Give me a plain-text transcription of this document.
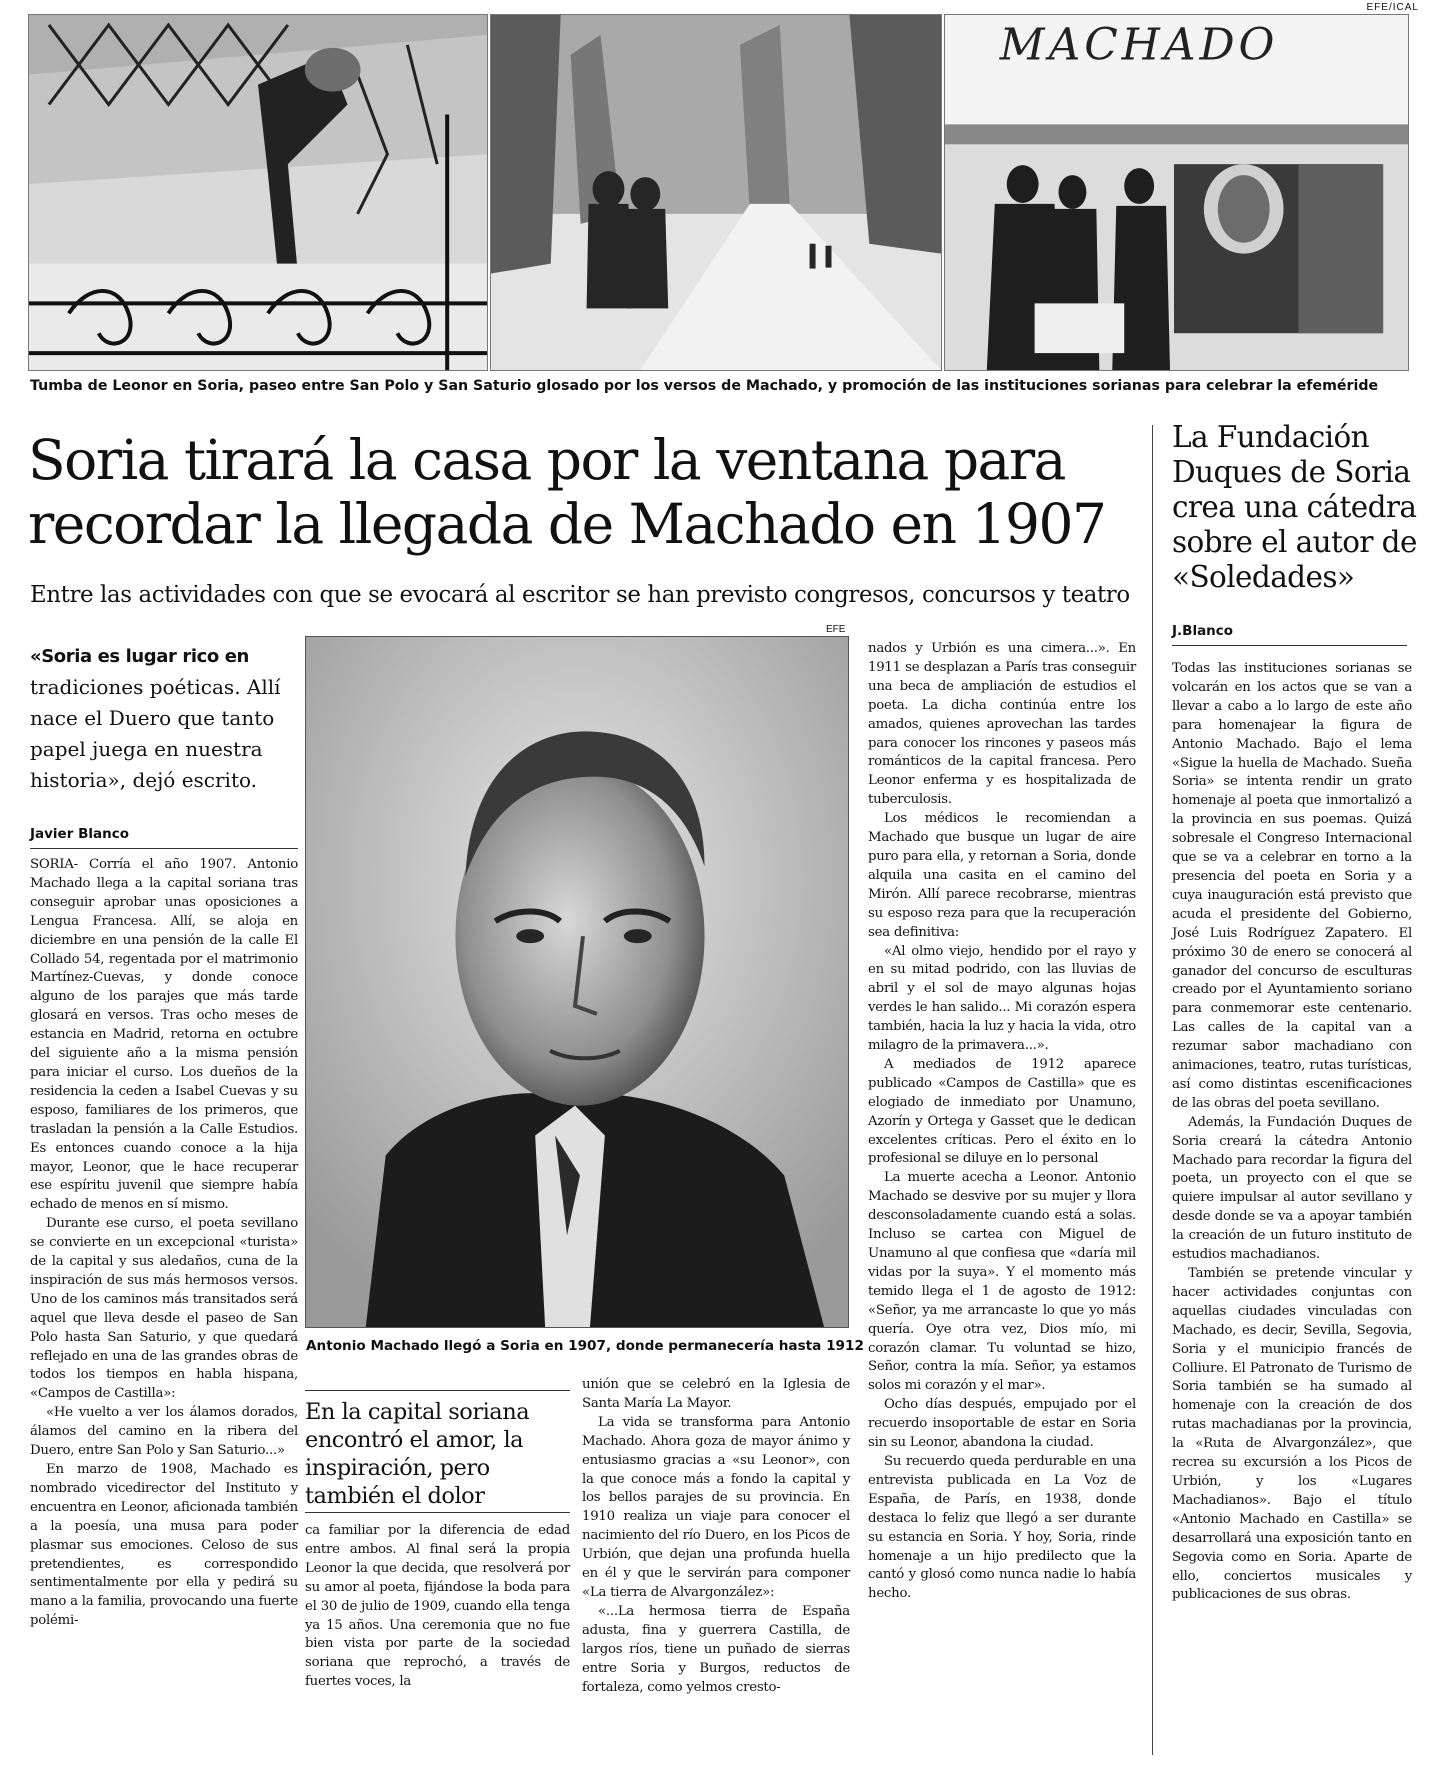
EFE/ICAL
MACHADO
Tumba de Leonor en Soria, paseo entre San Polo y San Saturio glosado por los versos de Machado, y promoción de las instituciones sorianas para celebrar la efeméride
Soria tirará la casa por la ventana para recordar la llegada de Machado en 1907
Entre las actividades con que se evocará al escritor se han previsto congresos, concursos y teatro
La Fundación Duques de Soria crea una cátedra sobre el autor de «Soledades»
J.Blanco
«Soria es lugar rico en tradiciones poéticas. Allí nace el Duero que tanto papel juega en nuestra historia», dejó escrito.
Javier Blanco

SORIA- Corría el año 1907. Antonio Machado llega a la capital soriana tras conseguir aprobar unas oposiciones a Lengua Francesa. Allí, se aloja en diciembre en una pensión de la calle El Collado 54, regentada por el matrimonio Martínez-Cuevas, y donde conoce alguno de los parajes que más tarde glosará en versos. Tras ocho meses de estancia en Madrid, retorna en octubre del siguiente año a la misma pensión para iniciar el curso. Los dueños de la residencia la ceden a Isabel Cuevas y su esposo, familiares de los primeros, que trasladan la pensión a la Calle Estudios. Es entonces cuando conoce a la hija mayor, Leonor, que le hace recuperar ese espíritu juvenil que siempre había echado de menos en sí mismo.

Durante ese curso, el poeta sevillano se convierte en un excepcional «turista» de la capital y sus aledaños, cuna de la inspiración de sus más hermosos versos. Uno de los caminos más transitados será aquel que lleva desde el paseo de San Polo hasta San Saturio, y que quedará reflejado en una de las grandes obras de todos los tiempos en habla hispana, «Campos de Castilla»:

«He vuelto a ver los álamos dorados, álamos del camino en la ribera del Duero, entre San Polo y San Saturio...»

En marzo de 1908, Machado es nombrado vicedirector del Instituto y encuentra en Leonor, aficionada también a la poesía, una musa para poder plasmar sus emociones. Celoso de sus pretendientes, es correspondido sentimentalmente por ella y pedirá su mano a la familia, provocando una fuerte polémi-

EFE
Antonio Machado llegó a Soria en 1907, donde permanecería hasta 1912
En la capital soriana encontró el amor, la inspiración, pero también el dolor

ca familiar por la diferencia de edad entre ambos. Al final será la propia Leonor la que decida, que resolverá por su amor al poeta, fijándose la boda para el 30 de julio de 1909, cuando ella tenga ya 15 años. Una ceremonia que no fue bien vista por parte de la sociedad soriana que reprochó, a través de fuertes voces, la

unión que se celebró en la Iglesia de Santa María La Mayor.

La vida se transforma para Antonio Machado. Ahora goza de mayor ánimo y entusiasmo gracias a «su Leonor», con la que conoce más a fondo la capital y los bellos parajes de su provincia. En 1910 realiza un viaje para conocer el nacimiento del río Duero, en los Picos de Urbión, que dejan una profunda huella en él y que le servirán para componer «La tierra de Alvargonzález»:

«...La hermosa tierra de España adusta, fina y guerrera Castilla, de largos ríos, tiene un puñado de sierras entre Soria y Burgos, reductos de fortaleza, como yelmos cresto-

nados y Urbión es una cimera...». En 1911 se desplazan a París tras conseguir una beca de ampliación de estudios el poeta. La dicha continúa entre los amados, quienes aprovechan las tardes para conocer los rincones y paseos más románticos de la capital francesa. Pero Leonor enferma y es hospitalizada de tuberculosis.

Los médicos le recomiendan a Machado que busque un lugar de aire puro para ella, y retornan a Soria, donde alquila una casita en el camino del Mirón. Allí parece recobrarse, mientras su esposo reza para que la recuperación sea definitiva:

«Al olmo viejo, hendido por el rayo y en su mitad podrido, con las lluvias de abril y el sol de mayo algunas hojas verdes le han salido... Mi corazón espera también, hacia la luz y hacia la vida, otro milagro de la primavera...».

A mediados de 1912 aparece publicado «Campos de Castilla» que es elogiado de inmediato por Unamuno, Azorín y Ortega y Gasset que le dedican excelentes críticas. Pero el éxito en lo profesional se diluye en lo personal

La muerte acecha a Leonor. Antonio Machado se desvive por su mujer y llora desconsoladamente cuando está a solas. Incluso se cartea con Miguel de Unamuno al que confiesa que «daría mil vidas por la suya». Y el momento más temido llega el 1 de agosto de 1912: «Señor, ya me arrancaste lo que yo más quería. Oye otra vez, Dios mío, mi corazón clamar. Tu voluntad se hizo, Señor, contra la mía. Señor, ya estamos solos mi corazón y el mar».

Ocho días después, empujado por el recuerdo insoportable de estar en Soria sin su Leonor, abandona la ciudad.

Su recuerdo queda perdurable en una entrevista publicada en La Voz de España, de París, en 1938, donde destaca lo feliz que llegó a ser durante su estancia en Soria. Y hoy, Soria, rinde homenaje a un hijo predilecto que la cantó y glosó como nunca nadie lo había hecho.

Todas las instituciones sorianas se volcarán en los actos que se van a llevar a cabo a lo largo de este año para homenajear la figura de Antonio Machado. Bajo el lema «Sigue la huella de Machado. Sueña Soria» se intenta rendir un grato homenaje al poeta que inmortalizó a la provincia en sus poemas. Quizá sobresale el Congreso Internacional que se va a celebrar en torno a la presencia del poeta en Soria y a cuya inauguración está previsto que acuda el presidente del Gobierno, José Luis Rodríguez Zapatero. El próximo 30 de enero se conocerá al ganador del concurso de esculturas creado por el Ayuntamiento soriano para conmemorar este centenario. Las calles de la capital van a rezumar sabor machadiano con animaciones, teatro, rutas turísticas, así como distintas escenificaciones de las obras del poeta sevillano.

Además, la Fundación Duques de Soria creará la cátedra Antonio Machado para recordar la figura del poeta, un proyecto con el que se quiere impulsar al autor sevillano y desde donde se va a apoyar también la creación de un futuro instituto de estudios machadianos.

También se pretende vincular y hacer actividades conjuntas con aquellas ciudades vinculadas con Machado, es decir, Sevilla, Segovia, Soria y el municipio francés de Colliure. El Patronato de Turismo de Soria también se ha sumado al homenaje con la creación de dos rutas machadianas por la provincia, la «Ruta de Alvargonzález», que recrea su excursión a los Picos de Urbión, y los «Lugares Machadianos». Bajo el título «Antonio Machado en Castilla» se desarrollará una exposición tanto en Segovia como en Soria. Aparte de ello, conciertos musicales y publicaciones de sus obras.
